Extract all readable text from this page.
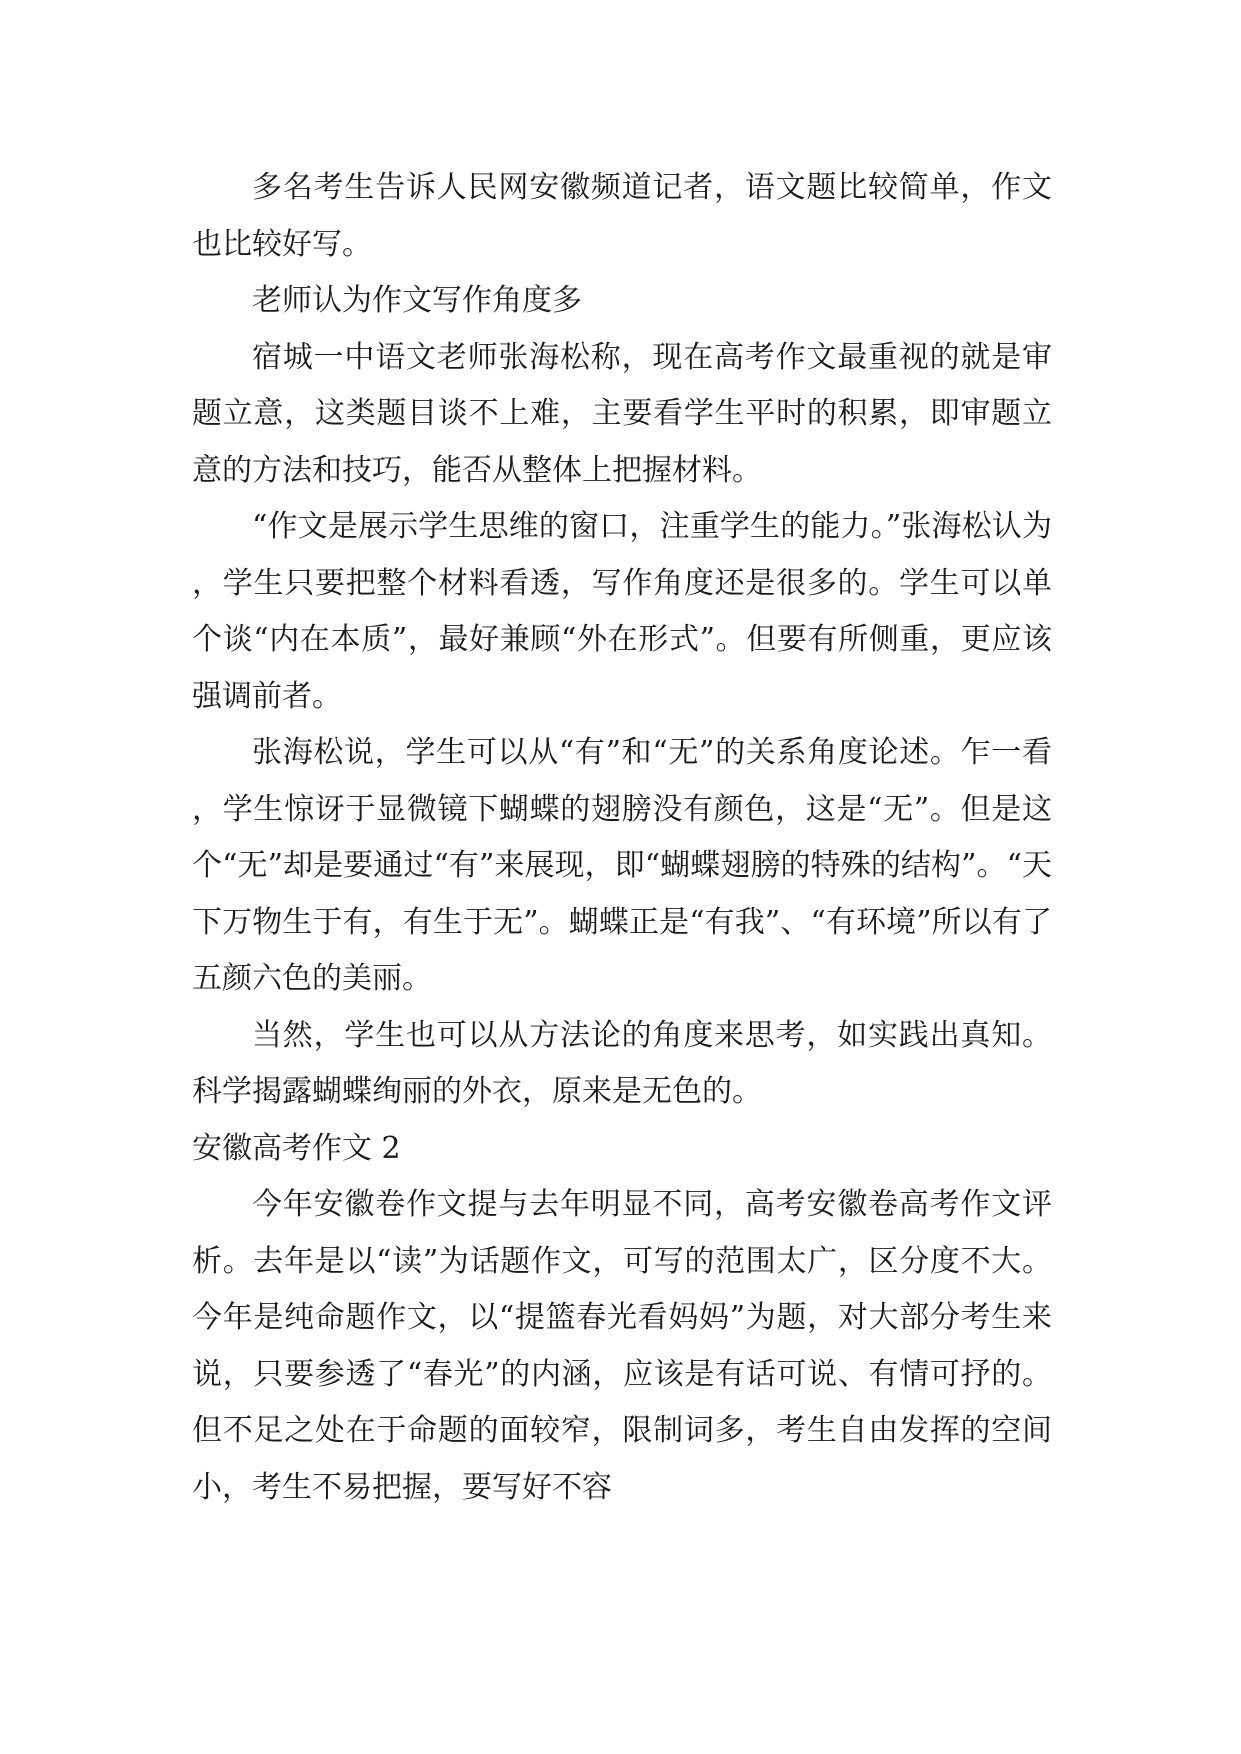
多名考生告诉人民网安徽频道记者，语文题比较简单，作文也比较好写。

老师认为作文写作角度多

宿城一中语文老师张海松称，现在高考作文最重视的就是审题立意，这类题目谈不上难，主要看学生平时的积累，即审题立意的方法和技巧，能否从整体上把握材料。

“作文是展示学生思维的窗口，注重学生的能力。”张海松认为，学生只要把整个材料看透，写作角度还是很多的。学生可以单个谈“内在本质”，最好兼顾“外在形式”。但要有所侧重，更应该强调前者。

张海松说，学生可以从“有”和“无”的关系角度论述。乍一看，学生惊讶于显微镜下蝴蝶的翅膀没有颜色，这是“无”。但是这个“无”却是要通过“有”来展现，即“蝴蝶翅膀的特殊的结构”。“天下万物生于有，有生于无”。蝴蝶正是“有我”、“有环境”所以有了五颜六色的美丽。

当然，学生也可以从方法论的角度来思考，如实践出真知。科学揭露蝴蝶绚丽的外衣，原来是无色的。

安徽高考作文 2

今年安徽卷作文提与去年明显不同，高考安徽卷高考作文评析。去年是以“读”为话题作文，可写的范围太广，区分度不大。今年是纯命题作文，以“提篮春光看妈妈”为题，对大部分考生来说，只要参透了“春光”的内涵，应该是有话可说、有情可抒的。但不足之处在于命题的面较窄，限制词多，考生自由发挥的空间小，考生不易把握，要写好不容
